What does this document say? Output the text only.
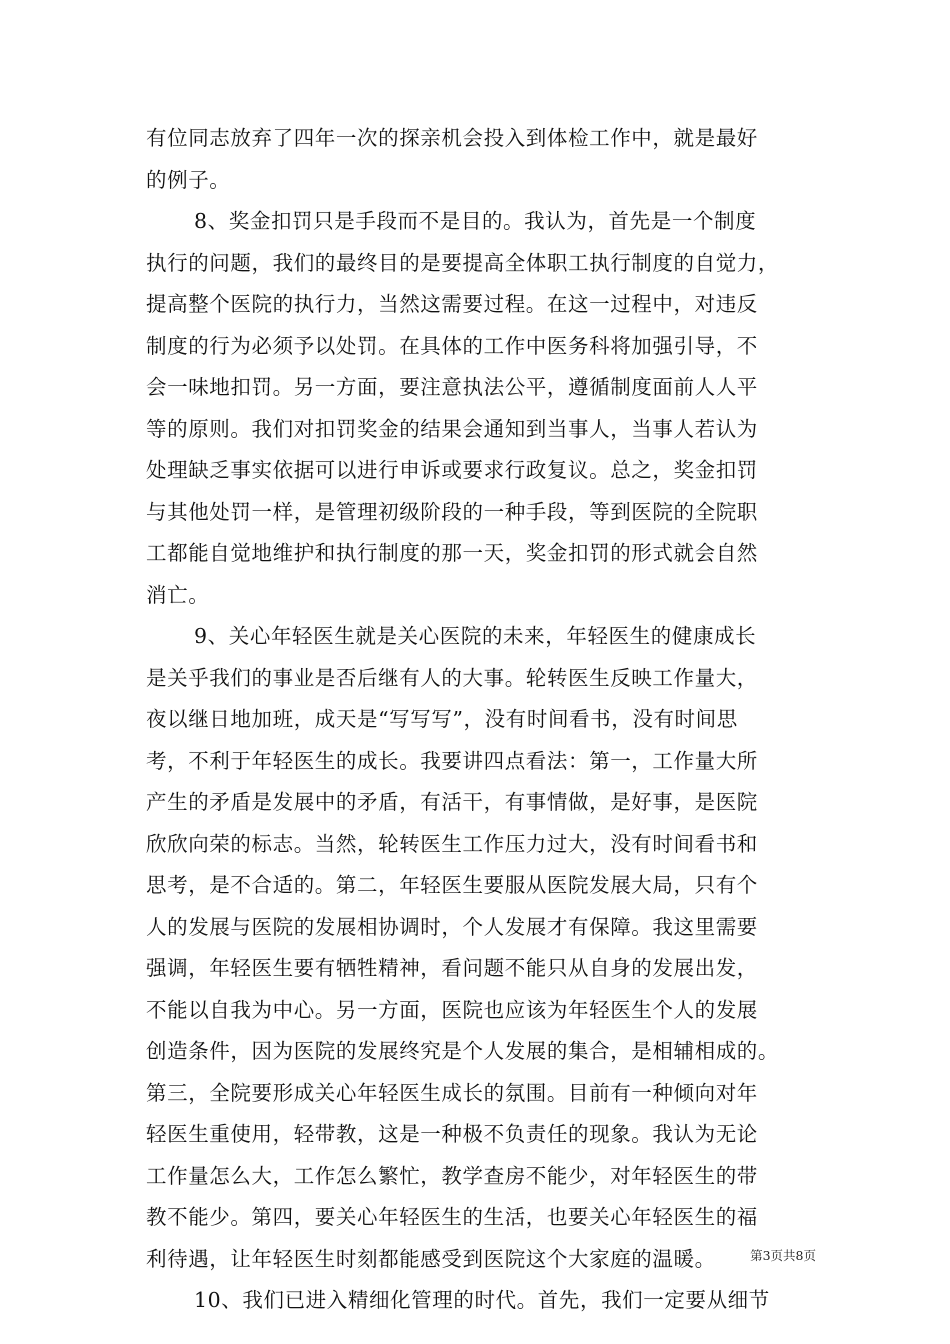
有位同志放弃了四年一次的探亲机会投入到体检工作中，就是最好
的例子。
8、奖金扣罚只是手段而不是目的。我认为，首先是一个制度
执行的问题，我们的最终目的是要提高全体职工执行制度的自觉力，
提高整个医院的执行力，当然这需要过程。在这一过程中，对违反
制度的行为必须予以处罚。在具体的工作中医务科将加强引导，不
会一味地扣罚。另一方面，要注意执法公平，遵循制度面前人人平
等的原则。我们对扣罚奖金的结果会通知到当事人，当事人若认为
处理缺乏事实依据可以进行申诉或要求行政复议。总之，奖金扣罚
与其他处罚一样，是管理初级阶段的一种手段，等到医院的全院职
工都能自觉地维护和执行制度的那一天，奖金扣罚的形式就会自然
消亡。
9、关心年轻医生就是关心医院的未来，年轻医生的健康成长
是关乎我们的事业是否后继有人的大事。轮转医生反映工作量大，
夜以继日地加班，成天是“写写写”，没有时间看书，没有时间思
考，不利于年轻医生的成长。我要讲四点看法：第一，工作量大所
产生的矛盾是发展中的矛盾，有活干，有事情做，是好事，是医院
欣欣向荣的标志。当然，轮转医生工作压力过大，没有时间看书和
思考，是不合适的。第二，年轻医生要服从医院发展大局，只有个
人的发展与医院的发展相协调时，个人发展才有保障。我这里需要
强调，年轻医生要有牺牲精神，看问题不能只从自身的发展出发，
不能以自我为中心。另一方面，医院也应该为年轻医生个人的发展
创造条件，因为医院的发展终究是个人发展的集合，是相辅相成的。
第三，全院要形成关心年轻医生成长的氛围。目前有一种倾向对年
轻医生重使用，轻带教，这是一种极不负责任的现象。我认为无论
工作量怎么大，工作怎么繁忙，教学查房不能少，对年轻医生的带
教不能少。第四，要关心年轻医生的生活，也要关心年轻医生的福
利待遇，让年轻医生时刻都能感受到医院这个大家庭的温暖。
10、我们已进入精细化管理的时代。首先，我们一定要从细节
第3页共8页
